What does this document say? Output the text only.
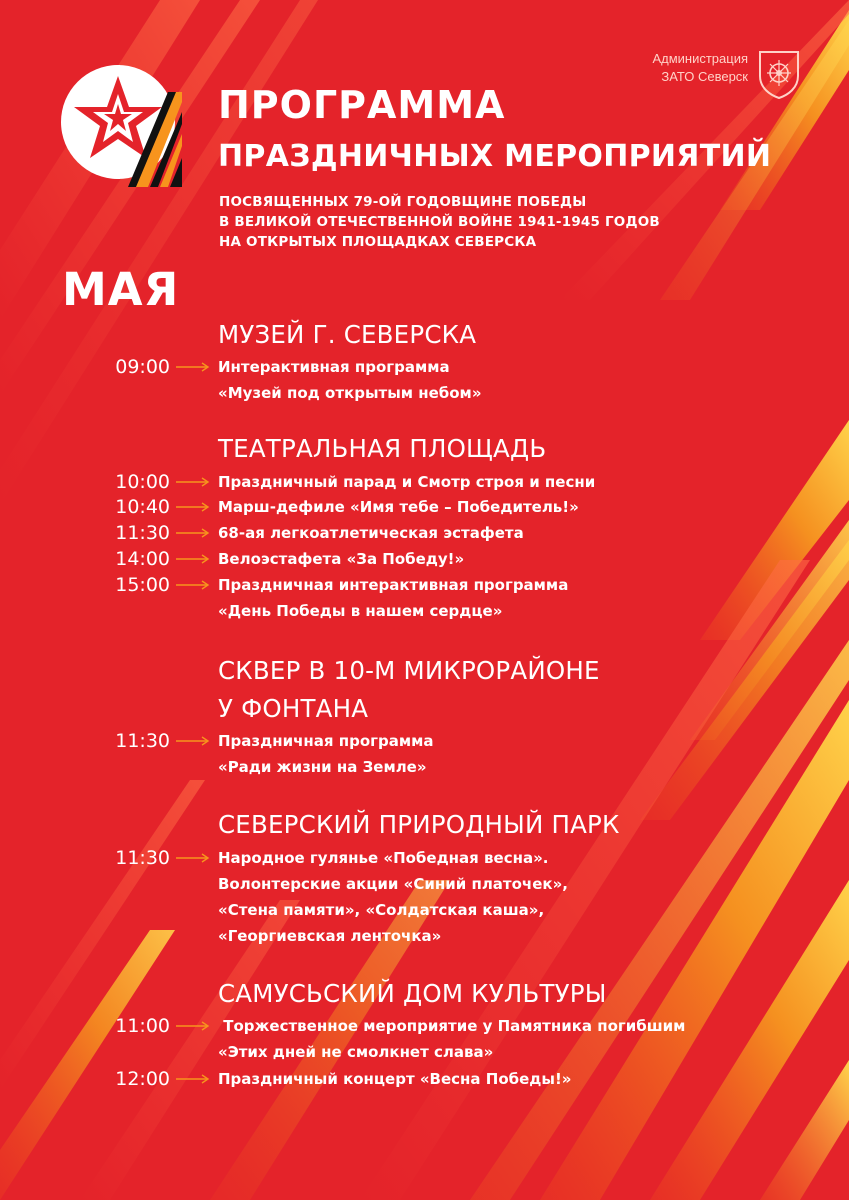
МАЯ
Администрация
ЗАТО Северск
ПРОГРАММА
ПРАЗДНИЧНЫХ МЕРОПРИЯТИЙ
ПОСВЯЩЕННЫХ 79-ОЙ ГОДОВЩИНЕ ПОБЕДЫ
В ВЕЛИКОЙ ОТЕЧЕСТВЕННОЙ ВОЙНЕ 1941-1945 ГОДОВ
НА ОТКРЫТЫХ ПЛОЩАДКАХ СЕВЕРСКА
МУЗЕЙ Г. СЕВЕРСКА
09:00	Интерактивная программа
«Музей под открытым небом»
ТЕАТРАЛЬНАЯ ПЛОЩАДЬ
10:00	Праздничный парад и Смотр строя и песни
10:40	Марш-дефиле «Имя тебе – Победитель!»
11:30	68-ая легкоатлетическая эстафета
14:00	Велоэстафета «За Победу!»
15:00	Праздничная интерактивная программа
«День Победы в нашем сердце»
СКВЕР В 10-М МИКРОРАЙОНЕ
У ФОНТАНА
11:30	Праздничная программа
«Ради жизни на Земле»
СЕВЕРСКИЙ ПРИРОДНЫЙ ПАРК
11:30	Народное гулянье «Победная весна».
Волонтерские акции «Синий платочек»,
«Стена памяти», «Солдатская каша»,
«Георгиевская ленточка»
САМУСЬСКИЙ ДОМ КУЛЬТУРЫ
11:00	Торжественное мероприятие у Памятника погибшим
«Этих дней не смолкнет слава»
12:00	Праздничный концерт «Весна Победы!»
